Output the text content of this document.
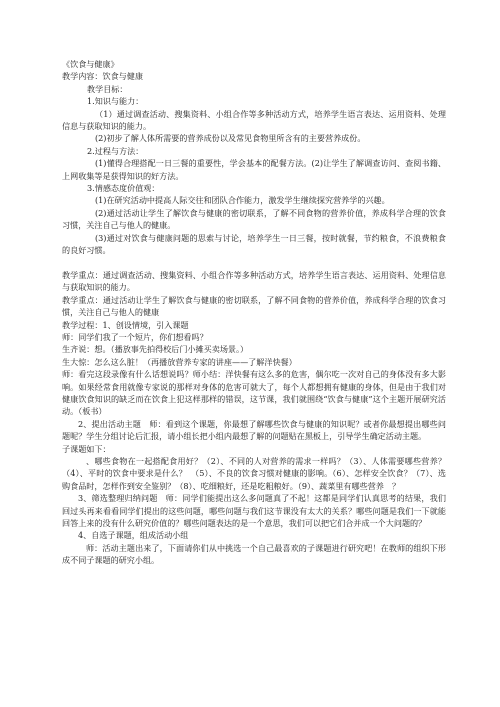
《饮食与健康》

教学内容：饮食与健康

教学目标：

1.知识与能力：

（1）通过调查活动、搜集资料、小组合作等多种活动方式，培养学生语言表达、运用资料、处理信息与获取知识的能力。

(2)初步了解人体所需要的营养成份以及常见食物里所含有的主要营养成份。

2.过程与方法：

(1)懂得合理搭配一日三餐的重要性，学会基本的配餐方法。(2)让学生了解调查访问、查阅书籍、上网收集等是获得知识的好方法。

3.情感态度价值观：

(1)在研究活动中提高人际交往和团队合作能力，激发学生继续探究营养学的兴趣。

(2)通过活动让学生了解饮食与健康的密切联系，了解不同食物的营养价值，养成科学合理的饮食习惯，关注自己与他人的健康。

(3)通过对饮食与健康问题的思索与讨论，培养学生一日三餐，按时就餐，节约粮食，不浪费粮食的良好习惯。

教学重点：通过调查活动、搜集资料、小组合作等多种活动方式，培养学生语言表达、运用资料、处理信息与获取知识的能力。

教学重点：通过活动让学生了解饮食与健康的密切联系，了解不同食物的营养价值，养成科学合理的饮食习惯，关注自己与他人的健康

教学过程：1、创设情境，引入课题

师：同学们我了一个短片，你们想看吗？

生齐说：想。（播放事先拍得校后门小摊买卖场景。）

生大惊：怎么这么脏！（再播放营养专家的讲座——了解洋快餐）

师：看完这段录像有什么话想说吗？师小结：洋快餐有这么多的危害，偶尔吃一次对自己的身体没有多大影响。如果经常食用就像专家说的那样对身体的危害可就大了，每个人都想拥有健康的身体，但是由于我们对健康饮食知识的缺乏而在饮食上犯这样那样的错误，这节课，我们就围绕“饮食与健康”这个主题开展研究活动。（板书）

2、提出活动主题　师：看到这个课题，你最想了解哪些饮食与健康的知识呢？或者你最想提出哪些问题呢？学生分组讨论后汇报，请小组长把小组内最想了解的问题贴在黑板上，引导学生确定活动主题。

子课题如下：

、哪些食物在一起搭配食用好？（2）、不同的人对营养的需求一样吗？（3）、人体需要哪些营养？（4）、平时的饮食中要求是什么？　（5）、不良的饮食习惯对健康的影响。（6）、怎样安全饮食？（7）、选购食品时，怎样作到安全鉴别？（8）、吃细粮好，还是吃粗粮好。（9）、蔬菜里有哪些营养　？

3、筛选整理归纳问题　师：同学们能提出这么多问题真了不起！这都是同学们认真思考的结果，我们回过头再来看看同学们提出的这些问题，哪些问题与我们这节课没有太大的关系？哪些问题是我们一下就能回答上来的没有什么研究价值的？哪些问题表达的是一个意思，我们可以把它们合并成一个大问题的？

4、自选子课题，组成活动小组

师：活动主题出来了，下面请你们从中挑选一个自己最喜欢的子课题进行研究吧！在教师的组织下形成不同子课题的研究小组。
